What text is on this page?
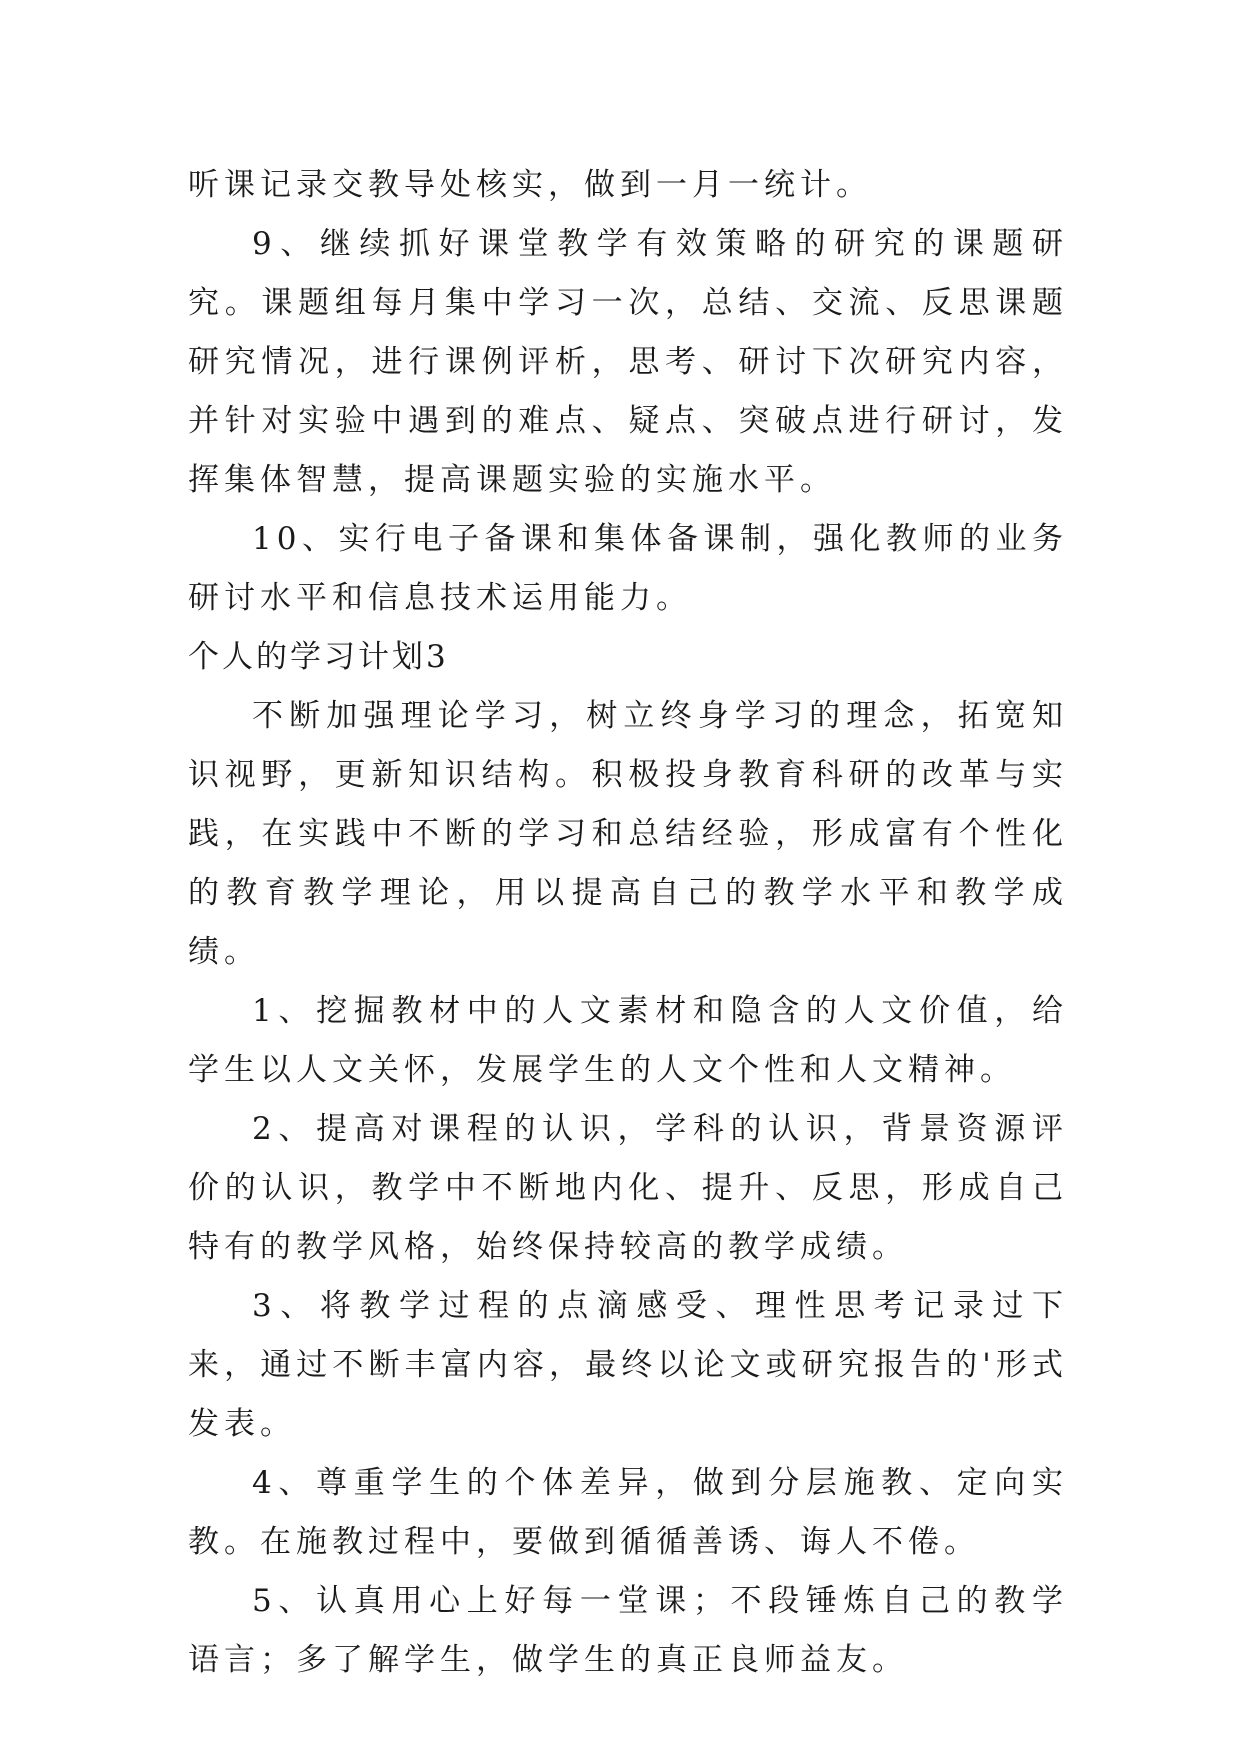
听课记录交教导处核实，做到一月一统计。

9、继续抓好课堂教学有效策略的研究的课题研究。课题组每月集中学习一次，总结、交流、反思课题研究情况，进行课例评析，思考、研讨下次研究内容，并针对实验中遇到的难点、疑点、突破点进行研讨，发挥集体智慧，提高课题实验的实施水平。

10、实行电子备课和集体备课制，强化教师的业务研讨水平和信息技术运用能力。

个人的学习计划3

不断加强理论学习，树立终身学习的理念，拓宽知识视野，更新知识结构。积极投身教育科研的改革与实践，在实践中不断的学习和总结经验，形成富有个性化的教育教学理论，用以提高自己的教学水平和教学成绩。

1、挖掘教材中的人文素材和隐含的人文价值，给学生以人文关怀，发展学生的人文个性和人文精神。

2、提高对课程的认识，学科的认识，背景资源评价的认识，教学中不断地内化、提升、反思，形成自己特有的教学风格，始终保持较高的教学成绩。

3、将教学过程的点滴感受、理性思考记录过下来，通过不断丰富内容，最终以论文或研究报告的'形式发表。

4、尊重学生的个体差异，做到分层施教、定向实教。在施教过程中，要做到循循善诱、诲人不倦。

5、认真用心上好每一堂课；不段锤炼自己的教学语言；多了解学生，做学生的真正良师益友。
